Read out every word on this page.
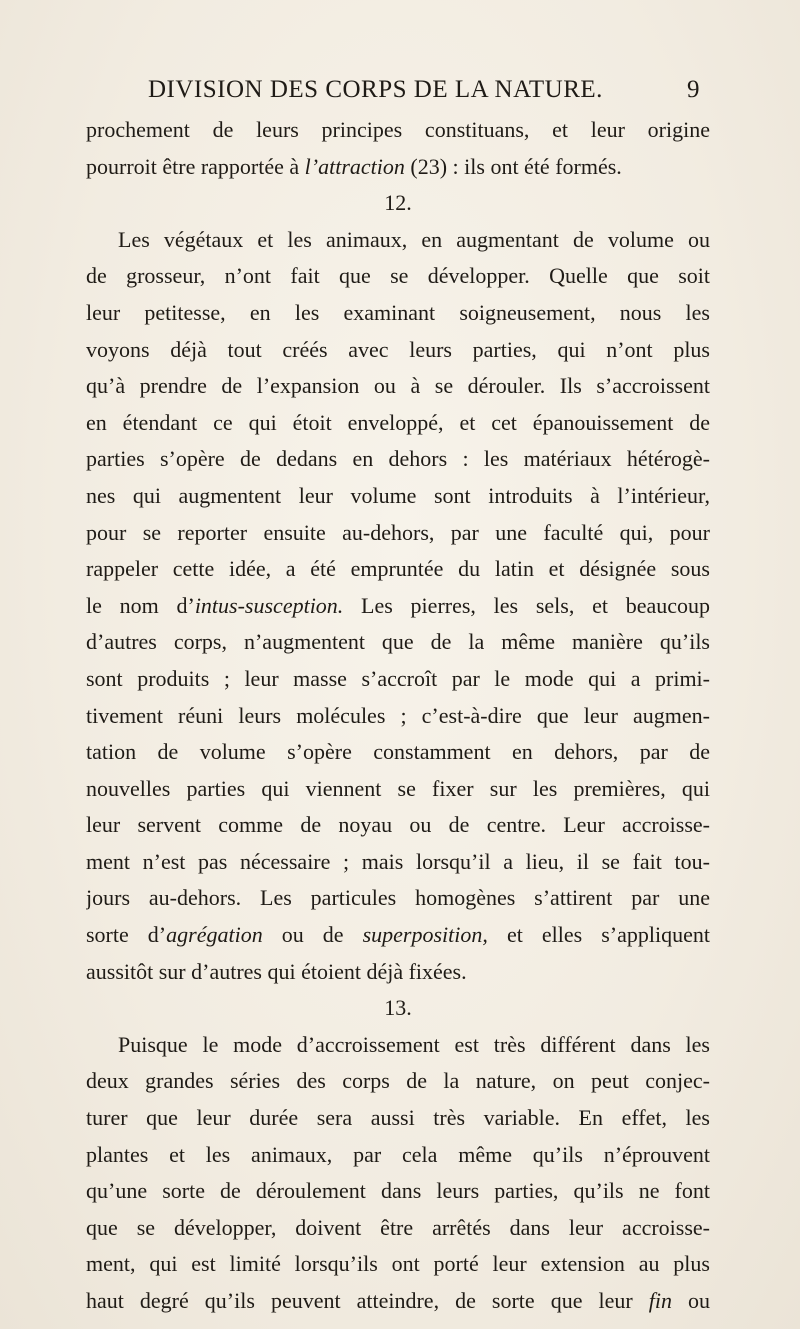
DIVISION DES CORPS DE LA NATURE.	9
prochement de leurs principes constituans, et leur origine
pourroit être rapportée à l’attraction (23) : ils ont été formés.
12.
Les végétaux et les animaux, en augmentant de volume ou
de grosseur, n’ont fait que se développer. Quelle que soit
leur petitesse, en les examinant soigneusement, nous les
voyons déjà tout créés avec leurs parties, qui n’ont plus
qu’à prendre de l’expansion ou à se dérouler. Ils s’accroissent
en étendant ce qui étoit enveloppé, et cet épanouissement de
parties s’opère de dedans en dehors : les matériaux hétérogè-
nes qui augmentent leur volume sont introduits à l’intérieur,
pour se reporter ensuite au-dehors, par une faculté qui, pour
rappeler cette idée, a été empruntée du latin et désignée sous
le nom d’intus-susception. Les pierres, les sels, et beaucoup
d’autres corps, n’augmentent que de la même manière qu’ils
sont produits ; leur masse s’accroît par le mode qui a primi-
tivement réuni leurs molécules ; c’est-à-dire que leur augmen-
tation de volume s’opère constamment en dehors, par de
nouvelles parties qui viennent se fixer sur les premières, qui
leur servent comme de noyau ou de centre. Leur accroisse-
ment n’est pas nécessaire ; mais lorsqu’il a lieu, il se fait tou-
jours au-dehors. Les particules homogènes s’attirent par une
sorte d’agrégation ou de superposition, et elles s’appliquent
aussitôt sur d’autres qui étoient déjà fixées.
13.
Puisque le mode d’accroissement est très différent dans les
deux grandes séries des corps de la nature, on peut conjec-
turer que leur durée sera aussi très variable. En effet, les
plantes et les animaux, par cela même qu’ils n’éprouvent
qu’une sorte de déroulement dans leurs parties, qu’ils ne font
que se développer, doivent être arrêtés dans leur accroisse-
ment, qui est limité lorsqu’ils ont porté leur extension au plus
haut degré qu’ils peuvent atteindre, de sorte que leur fin ou
